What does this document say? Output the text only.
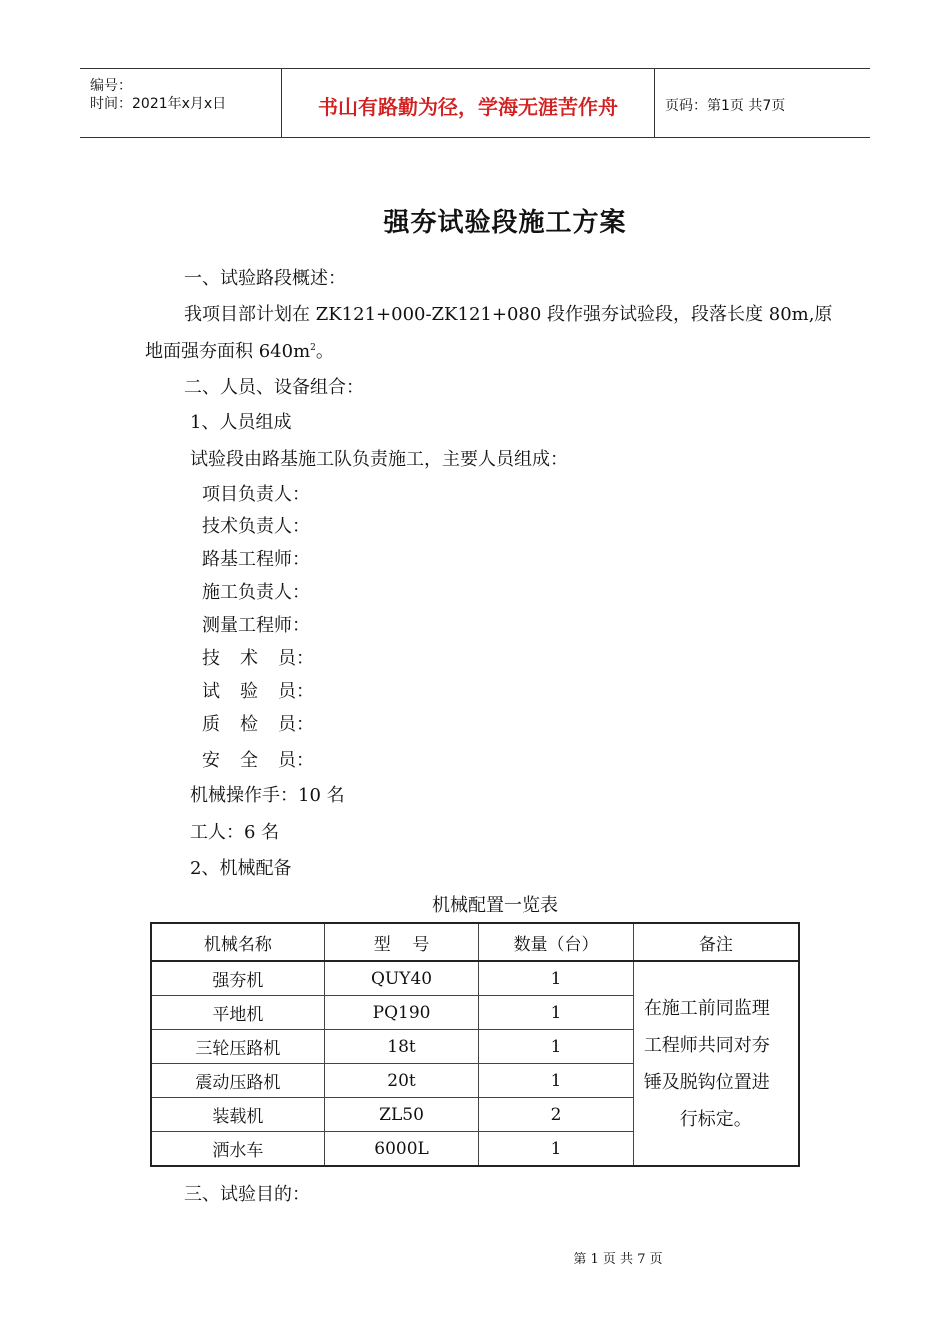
编号：
时间：2021年x月x日	书山有路勤为径，学海无涯苦作舟	页码：第1页 共7页
强夯试验段施工方案
一、试验路段概述：
我项目部计划在 ZK121+000-ZK121+080 段作强夯试验段，段落长度 80m,原
地面强夯面积 $640m^2$。
二、人员、设备组合：
1、人员组成
试验段由路基施工队负责施工，主要人员组成：
项目负责人：
技术负责人：
路基工程师：
施工负责人：
测量工程师：
技 术 员：
试 验 员：
质 检 员：
安 全 员：
机械操作手：10 名
工人：6 名
2、机械配备
机械配置一览表
机械名称	型    号	数量（台）	备注
强夯机	QUY40	1	在施工前同监理
工程师共同对夯
锤及脱钩位置进
行标定。

平地机	PQ190	1	
三轮压路机	18t	1	
震动压路机	20t	1	
装载机	ZL50	2	
洒水车	6000L	1	
三、试验目的：
第 1 页 共 7 页
